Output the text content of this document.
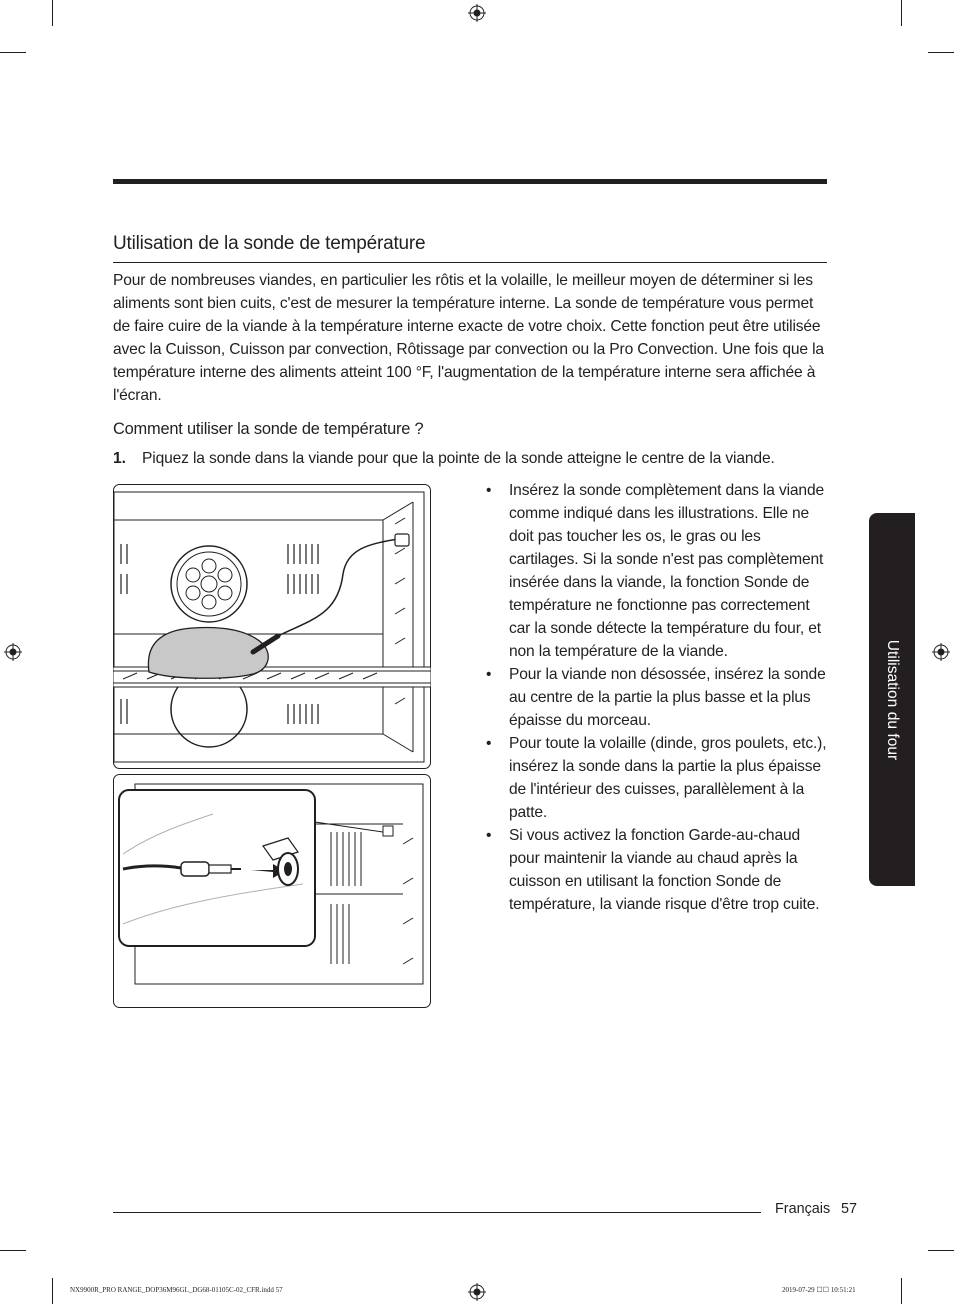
Utilisation de la sonde de température
Pour de nombreuses viandes, en particulier les rôtis et la volaille, le meilleur moyen de déterminer si les aliments sont bien cuits, c'est de mesurer la température interne. La sonde de température vous permet de faire cuire de la viande à la température interne exacte de votre choix. Cette fonction peut être utilisée avec la Cuisson, Cuisson par convection, Rôtissage par convection ou la Pro Convection. Une fois que la température interne des aliments atteint 100 °F, l'augmentation de la température interne sera affichée à l'écran.
Comment utiliser la sonde de température ?
1. Piquez la sonde dans la viande pour que la pointe de la sonde atteigne le centre de la viande.
• Insérez la sonde complètement dans la viande comme indiqué dans les illustrations. Elle ne doit pas toucher les os, le gras ou les cartilages. Si la sonde n'est pas complètement insérée dans la viande, la fonction Sonde de température ne fonctionne pas correctement car la sonde détecte la température du four, et non la température de la viande.
• Pour la viande non désossée, insérez la sonde au centre de la partie la plus basse et la plus épaisse du morceau.
• Pour toute la volaille (dinde, gros poulets, etc.), insérez la sonde dans la partie la plus épaisse de l'intérieur des cuisses, parallèlement à la patte.
• Si vous activez la fonction Garde-au-chaud pour maintenir la viande au chaud après la cuisson en utilisant la fonction Sonde de température, la viande risque d'être trop cuite.
Utilisation du four
Français 57
NX9900R_PRO RANGE_DOP36M96GL_DG68-01105C-02_CFR.indd 57	2019-07-29 ☐☐ 10:51:21
